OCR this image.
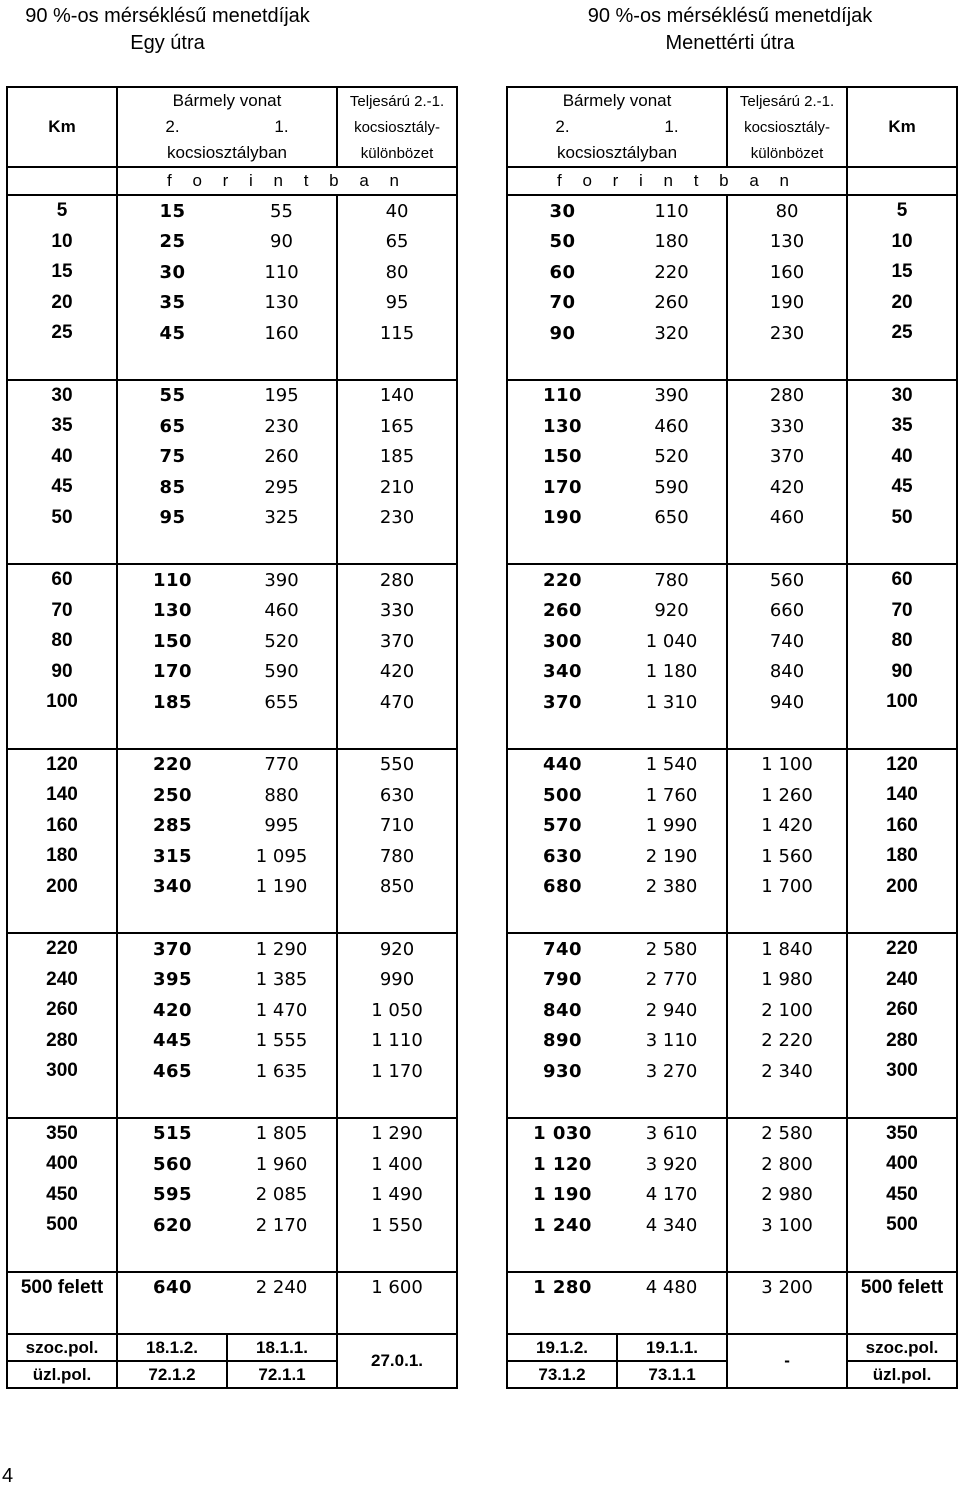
90 %-os mérséklésű menetdíjak
Egy útra
90 %-os mérséklésű menetdíjak
Menettérti útra
Km	Bármely vonat		Teljesárú 2.-1.		Bármely vonat		Teljesárú 2.-1.	Km
	2.	1.	kocsiosztály-		2.	1.	kocsiosztály-	
	kocsiosztályban		különbözet		kocsiosztályban		különbözet	
	f o r i n t b a n				f o r i n t b a n			
5	15	55	40		30	110	80	5
10	25	90	65		50	180	130	10
15	30	110	80		60	220	160	15
20	35	130	95		70	260	190	20
25	45	160	115		90	320	230	25

30	55	195	140		110	390	280	30
35	65	230	165		130	460	330	35
40	75	260	185		150	520	370	40
45	85	295	210		170	590	420	45
50	95	325	230		190	650	460	50

60	110	390	280		220	780	560	60
70	130	460	330		260	920	660	70
80	150	520	370		300	1 040	740	80
90	170	590	420		340	1 180	840	90
100	185	655	470		370	1 310	940	100

120	220	770	550		440	1 540	1 100	120
140	250	880	630		500	1 760	1 260	140
160	285	995	710		570	1 990	1 420	160
180	315	1 095	780		630	2 190	1 560	180
200	340	1 190	850		680	2 380	1 700	200

220	370	1 290	920		740	2 580	1 840	220
240	395	1 385	990		790	2 770	1 980	240
260	420	1 470	1 050		840	2 940	2 100	260
280	445	1 555	1 110		890	3 110	2 220	280
300	465	1 635	1 170		930	3 270	2 340	300

350	515	1 805	1 290		1 030	3 610	2 580	350
400	560	1 960	1 400		1 120	3 920	2 800	400
450	595	2 085	1 490		1 190	4 170	2 980	450
500	620	2 170	1 550		1 240	4 340	3 100	500

500 felett	640	2 240	1 600		1 280	4 480	3 200	500 felett

szoc.pol.	18.1.2.	18.1.1.	27.0.1.		19.1.2.	19.1.1.	-	szoc.pol.
üzl.pol.	72.1.2	72.1.1			73.1.2	73.1.1		üzl.pol.
4
